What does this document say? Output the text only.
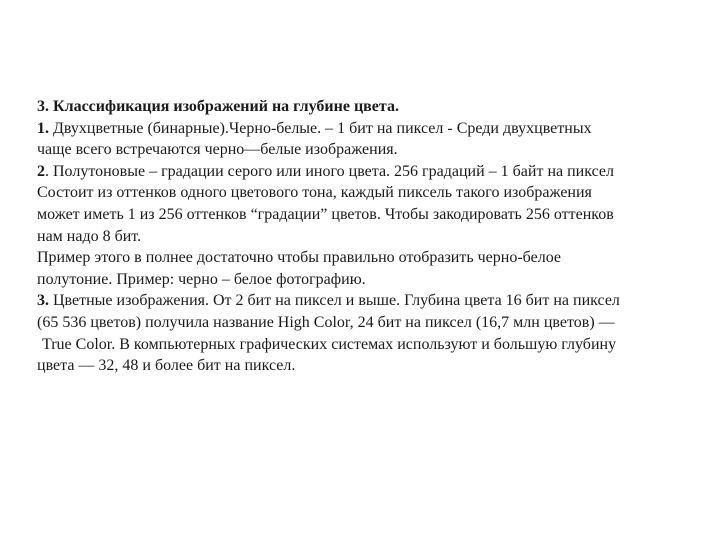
3. Классификация изображений на глубине цвета.
1. Двухцветные (бинарные).Черно-белые. – 1 бит на пиксел - Среди двухцветных
чаще всего встречаются черно—белые изображения.
2. Полутоновые – градации серого или иного цвета. 256 градаций – 1 байт на пиксел
Состоит из оттенков одного цветового тона, каждый пиксель такого изображения
может иметь 1 из 256 оттенков “градации” цветов. Чтобы закодировать 256 оттенков
нам надо 8 бит.
Пример этого в полнее достаточно чтобы правильно отобразить черно-белое
полутоние. Пример: черно – белое фотографию.
3. Цветные изображения. От 2 бит на пиксел и выше. Глубина цвета 16 бит на пиксел
(65 536 цветов) получила название High Color, 24 бит на пиксел (16,7 млн цветов) —
True Color. В компьютерных графических системах используют и большую глубину
цвета — 32, 48 и более бит на пиксел.
